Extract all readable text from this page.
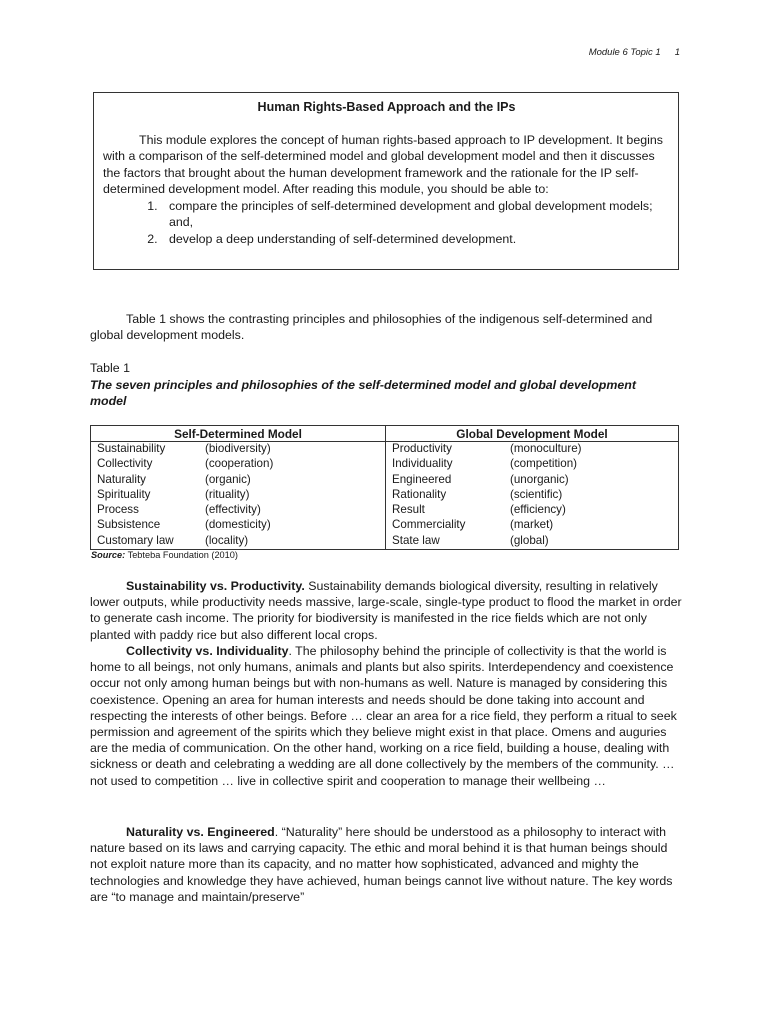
Module 6 Topic 1 1
Human Rights-Based Approach and the IPs

This module explores the concept of human rights-based approach to IP development. It begins with a comparison of the self-determined model and global development model and then it discusses the factors that brought about the human development framework and the rationale for the IP self-determined development model. After reading this module, you should be able to:

1. compare the principles of self-determined development and global development models; and,
2. develop a deep understanding of self-determined development.

Table 1 shows the contrasting principles and philosophies of the indigenous self-determined and global development models.

Table 1
The seven principles and philosophies of the self-determined model and global development model
Self-Determined Model	Global Development Model
Sustainability (biodiversity)	Productivity (monoculture)
Collectivity (cooperation)	Individuality (competition)
Naturality (organic)	Engineered (unorganic)
Spirituality (rituality)	Rationality (scientific)
Process (effectivity)	Result (efficiency)
Subsistence (domesticity)	Commerciality (market)
Customary law (locality)	State law (global)
Source: Tebteba Foundation (2010)

Sustainability vs. Productivity. Sustainability demands biological diversity, resulting in relatively lower outputs, while productivity needs massive, large-scale, single-type product to flood the market in order to generate cash income. The priority for biodiversity is manifested in the rice fields which are not only planted with paddy rice but also different local crops.

Collectivity vs. Individuality. The philosophy behind the principle of collectivity is that the world is home to all beings, not only humans, animals and plants but also spirits. Interdependency and coexistence occur not only among human beings but with non-humans as well. Nature is managed by considering this coexistence. Opening an area for human interests and needs should be done taking into account and respecting the interests of other beings. Before … clear an area for a rice field, they perform a ritual to seek permission and agreement of the spirits which they believe might exist in that place. Omens and auguries are the media of communication. On the other hand, working on a rice field, building a house, dealing with sickness or death and celebrating a wedding are all done collectively by the members of the community. … not used to competition … live in collective spirit and cooperation to manage their wellbeing …

Naturality vs. Engineered. “Naturality” here should be understood as a philosophy to interact with nature based on its laws and carrying capacity. The ethic and moral behind it is that human beings should not exploit nature more than its capacity, and no matter how sophisticated, advanced and mighty the technologies and knowledge they have achieved, human beings cannot live without nature. The key words are “to manage and maintain/preserve”
